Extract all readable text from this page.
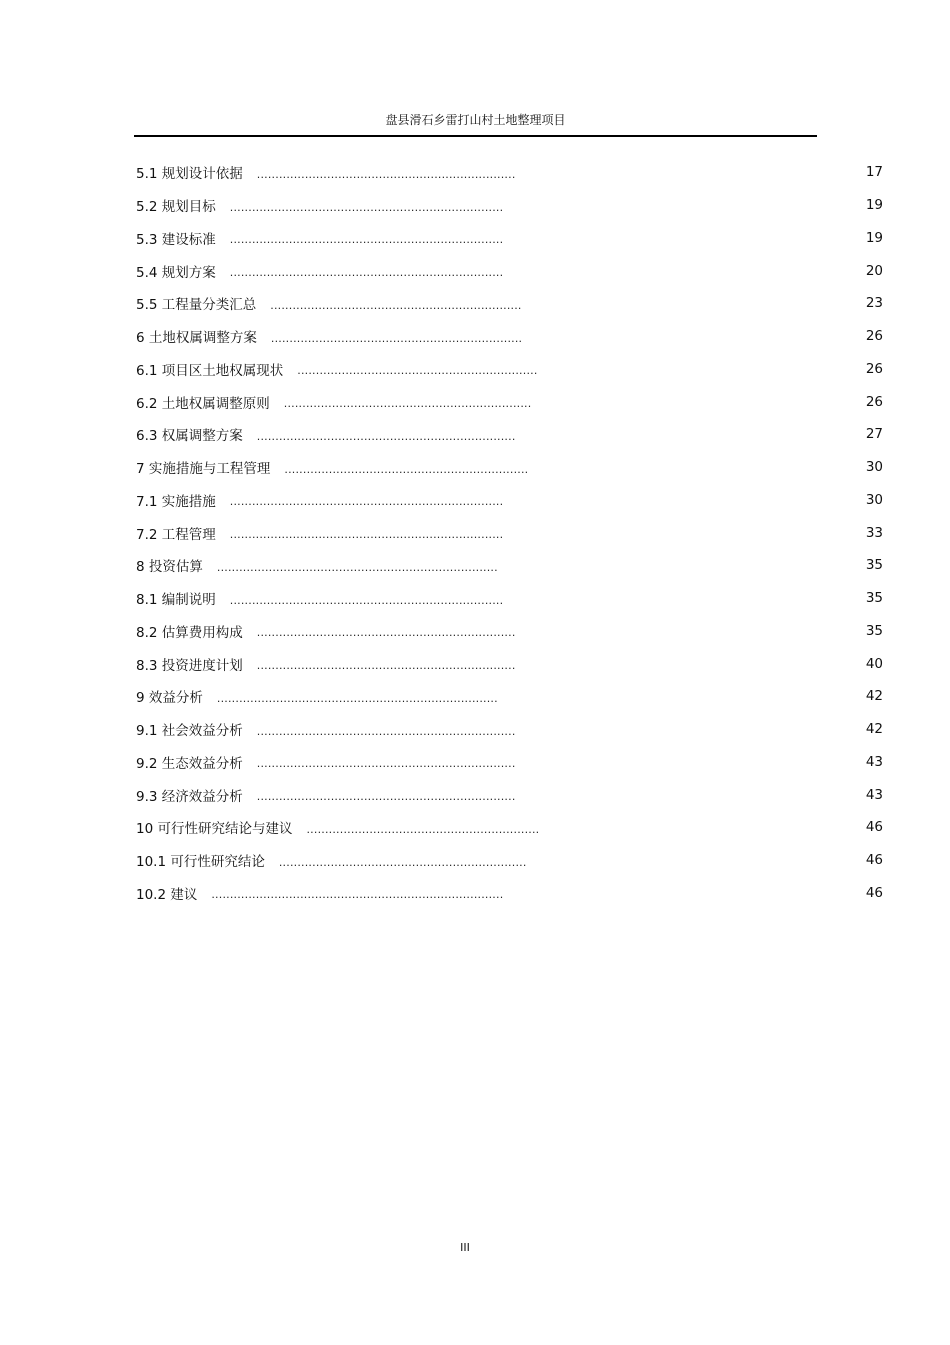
盘县滑石乡雷打山村土地整理项目
5.1 规划设计依据 ......................................................................	17
5.2 规划目标 ..........................................................................	19
5.3 建设标准 ..........................................................................	19
5.4 规划方案 ..........................................................................	20
5.5 工程量分类汇总 ....................................................................	23
6 土地权属调整方案 ....................................................................	26
6.1 项目区土地权属现状 .................................................................	26
6.2 土地权属调整原则 ...................................................................	26
6.3 权属调整方案 ......................................................................	27
7 实施措施与工程管理 ..................................................................	30
7.1 实施措施 ..........................................................................	30
7.2 工程管理 ..........................................................................	33
8 投资估算 ............................................................................	35
8.1 编制说明 ..........................................................................	35
8.2 估算费用构成 ......................................................................	35
8.3 投资进度计划 ......................................................................	40
9 效益分析 ............................................................................	42
9.1 社会效益分析 ......................................................................	42
9.2 生态效益分析 ......................................................................	43
9.3 经济效益分析 ......................................................................	43
10 可行性研究结论与建议 ...............................................................	46
10.1 可行性研究结论 ...................................................................	46
10.2 建议 ...............................................................................	46
III
